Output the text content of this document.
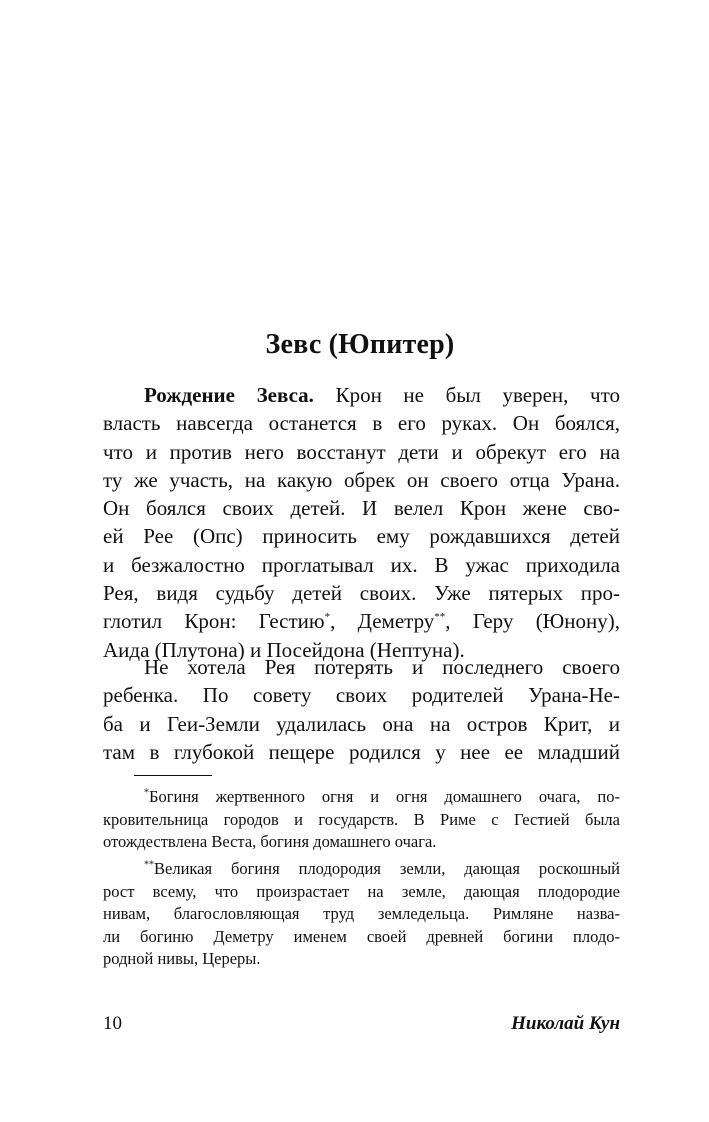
Зевс (Юпитер)
Рождение Зевса. Крон не был уверен, что
власть навсегда останется в его руках. Он боялся,
что и против него восстанут дети и обрекут его на
ту же участь, на какую обрек он своего отца Урана.
Он боялся своих детей. И велел Крон жене сво-
ей Рее (Опс) приносить ему рождавшихся детей
и безжалостно проглатывал их. В ужас приходила
Рея, видя судьбу детей своих. Уже пятерых про-
глотил Крон: Гестию*, Деметру**, Геру (Юнону),
Аида (Плутона) и Посейдона (Нептуна).
Не хотела Рея потерять и последнего своего
ребенка. По совету своих родителей Урана-Не-
ба и Геи-Земли удалилась она на остров Крит, и
там в глубокой пещере родился у нее ее младший
*Богиня жертвенного огня и огня домашнего очага, по-
кровительница городов и государств. В Риме с Гестией была
отождествлена Веста, богиня домашнего очага.
**Великая богиня плодородия земли, дающая роскошный
рост всему, что произрастает на земле, дающая плодородие
нивам, благословляющая труд земледельца. Римляне назва-
ли богиню Деметру именем своей древней богини плодо-
родной нивы, Цереры.
10	Николай Кун
